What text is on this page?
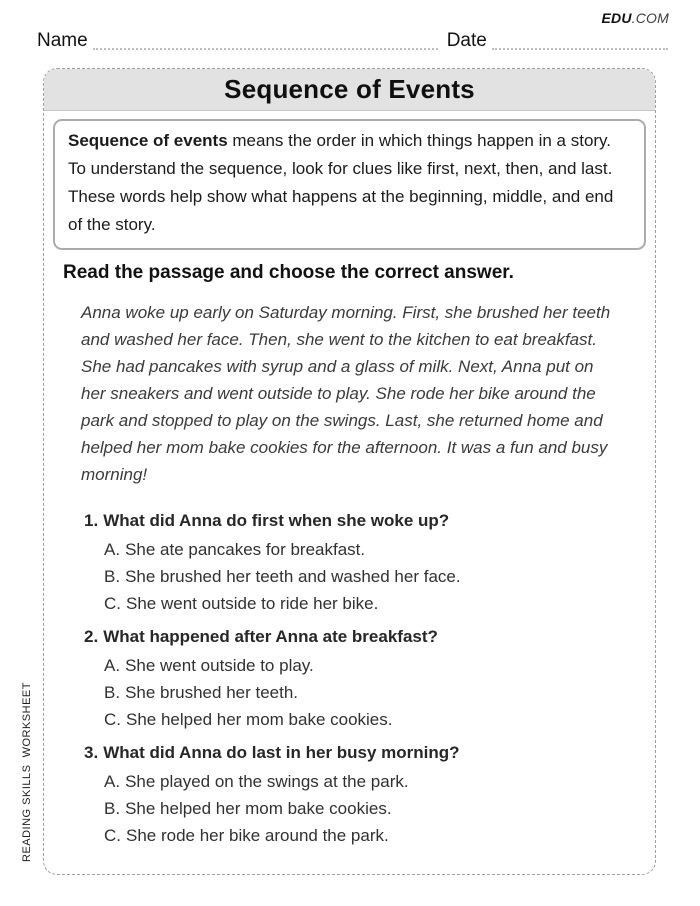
EDU.COM
Name	Date
Sequence of Events
Sequence of events means the order in which things happen in a story. To understand the sequence, look for clues like first, next, then, and last. These words help show what happens at the beginning, middle, and end of the story.
Read the passage and choose the correct answer.
Anna woke up early on Saturday morning. First, she brushed her teeth and washed her face. Then, she went to the kitchen to eat breakfast. She had pancakes with syrup and a glass of milk. Next, Anna put on her sneakers and went outside to play. She rode her bike around the park and stopped to play on the swings. Last, she returned home and helped her mom bake cookies for the afternoon. It was a fun and busy morning!
1. What did Anna do first when she woke up?
A. She ate pancakes for breakfast.
B. She brushed her teeth and washed her face.
C. She went outside to ride her bike.
2. What happened after Anna ate breakfast?
A. She went outside to play.
B. She brushed her teeth.
C. She helped her mom bake cookies.
3. What did Anna do last in her busy morning?
A. She played on the swings at the park.
B. She helped her mom bake cookies.
C. She rode her bike around the park.
READING SKILLS  WORKSHEET
